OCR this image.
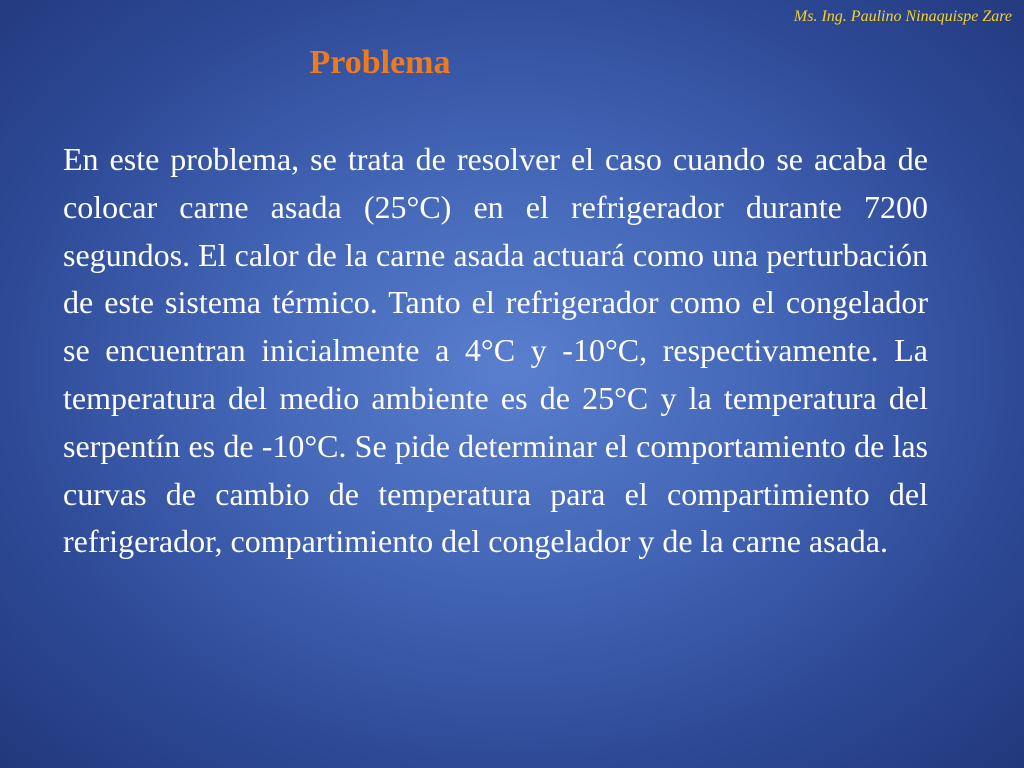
Ms. Ing. Paulino Ninaquispe Zare
Problema

En este problema, se trata de resolver el caso cuando se acaba de colocar carne asada (25°C) en el refrigerador durante 7200 segundos. El calor de la carne asada actuará como una perturbación de este sistema térmico. Tanto el refrigerador como el congelador se encuentran inicialmente a 4°C y -10°C, respectivamente. La temperatura del medio ambiente es de 25°C y la temperatura del serpentín es de -10°C. Se pide determinar el comportamiento de las curvas de cambio de temperatura para el compartimiento del refrigerador, compartimiento del congelador y de la carne asada.
